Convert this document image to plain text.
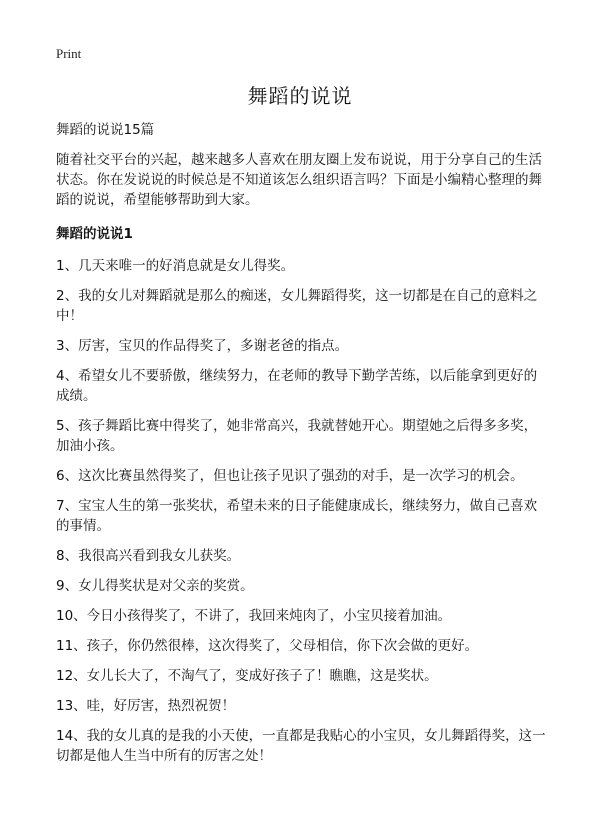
Print
舞蹈的说说

舞蹈的说说15篇

随着社交平台的兴起，越来越多人喜欢在朋友圈上发布说说，用于分享自己的生活状态。你在发说说的时候总是不知道该怎么组织语言吗？下面是小编精心整理的舞蹈的说说，希望能够帮助到大家。

舞蹈的说说1

1、几天来唯一的好消息就是女儿得奖。

2、我的女儿对舞蹈就是那么的痴迷，女儿舞蹈得奖，这一切都是在自己的意料之中！

3、厉害，宝贝的作品得奖了，多谢老爸的指点。

4、希望女儿不要骄傲，继续努力，在老师的教导下勤学苦练，以后能拿到更好的成绩。

5、孩子舞蹈比赛中得奖了，她非常高兴，我就替她开心。期望她之后得多多奖，加油小孩。

6、这次比赛虽然得奖了，但也让孩子见识了强劲的对手，是一次学习的机会。

7、宝宝人生的第一张奖状，希望未来的日子能健康成长，继续努力，做自己喜欢的事情。

8、我很高兴看到我女儿获奖。

9、女儿得奖状是对父亲的奖赏。

10、今日小孩得奖了，不讲了，我回来炖肉了，小宝贝接着加油。

11、孩子，你仍然很棒，这次得奖了，父母相信，你下次会做的更好。

12、女儿长大了，不淘气了，变成好孩子了！瞧瞧，这是奖状。

13、哇，好厉害，热烈祝贺！

14、我的女儿真的是我的小天使，一直都是我贴心的小宝贝，女儿舞蹈得奖，这一切都是他人生当中所有的厉害之处！
